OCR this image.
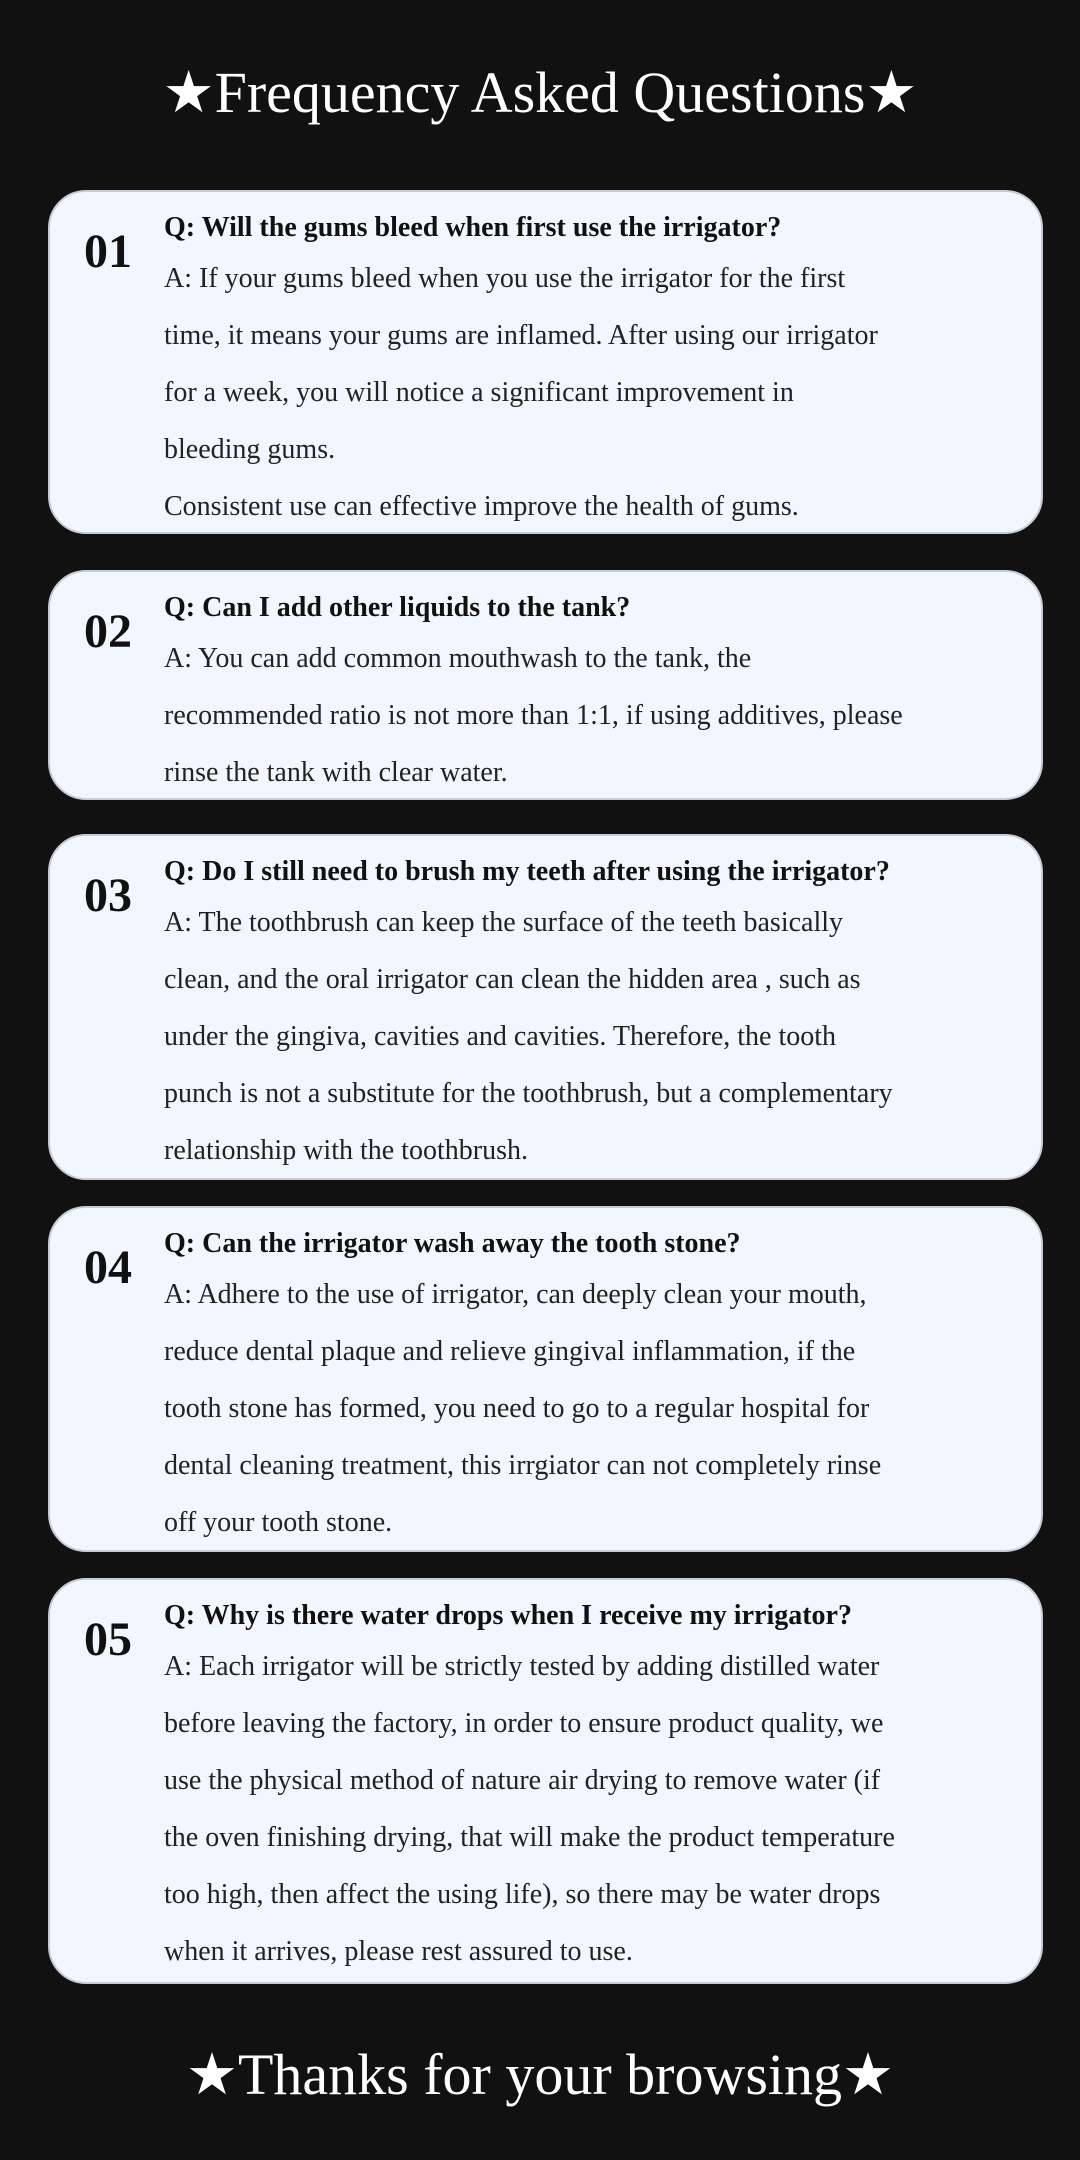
★Frequency Asked Questions★
01 Q: Will the gums bleed when first use the irrigator?
A: If your gums bleed when you use the irrigator for the first
time, it means your gums are inflamed. After using our irrigator
for a week, you will notice a significant improvement in
bleeding gums.
Consistent use can effective improve the health of gums.
02 Q: Can I add other liquids to the tank?
A: You can add common mouthwash to the tank, the
recommended ratio is not more than 1:1, if using additives, please
rinse the tank with clear water.
03 Q: Do I still need to brush my teeth after using the irrigator?
A: The toothbrush can keep the surface of the teeth basically
clean, and the oral irrigator can clean the hidden area , such as
under the gingiva, cavities and cavities. Therefore, the tooth
punch is not a substitute for the toothbrush, but a complementary
relationship with the toothbrush.
04 Q: Can the irrigator wash away the tooth stone?
A: Adhere to the use of irrigator, can deeply clean your mouth,
reduce dental plaque and relieve gingival inflammation, if the
tooth stone has formed, you need to go to a regular hospital for
dental cleaning treatment, this irrgiator can not completely rinse
off your tooth stone.
05 Q: Why is there water drops when I receive my irrigator?
A: Each irrigator will be strictly tested by adding distilled water
before leaving the factory, in order to ensure product quality, we
use the physical method of nature air drying to remove water (if
the oven finishing drying, that will make the product temperature
too high, then affect the using life), so there may be water drops
when it arrives, please rest assured to use.
★Thanks for your browsing★
